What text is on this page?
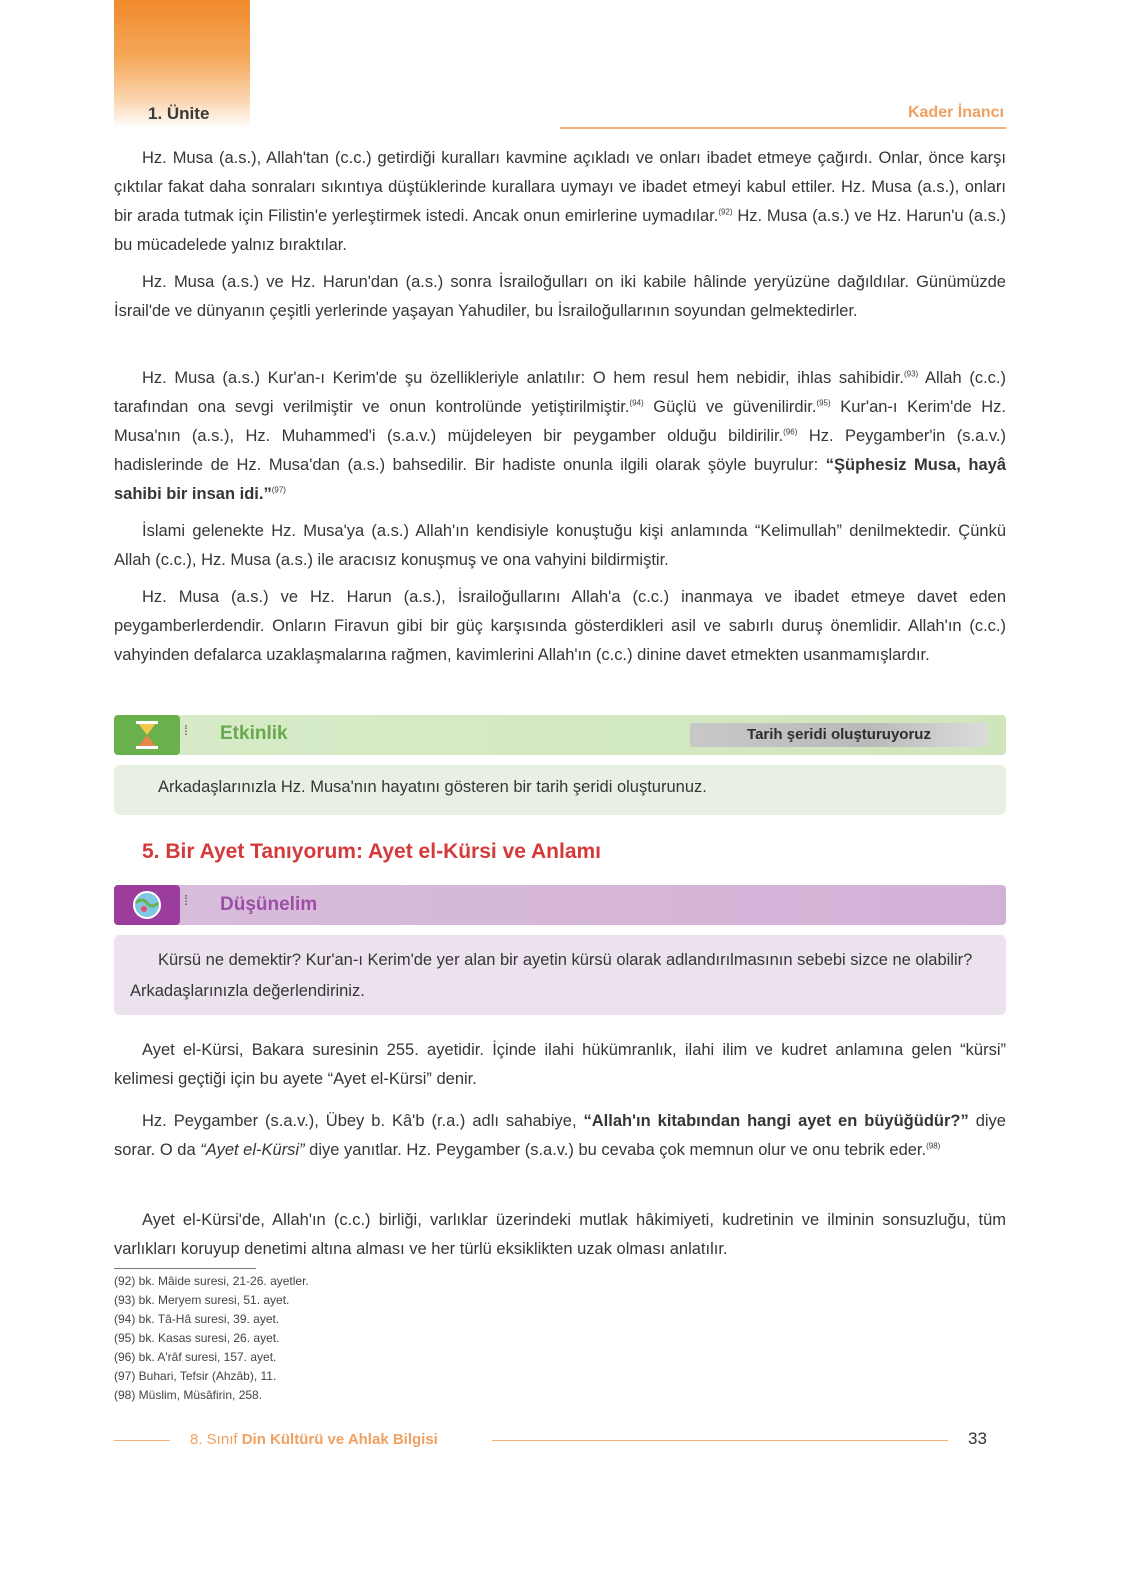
1. Ünite	Kader İnancı

Hz. Musa (a.s.), Allah'tan (c.c.) getirdiği kuralları kavmine açıkladı ve onları ibadet etmeye çağırdı. Onlar, önce karşı çıktılar fakat daha sonraları sıkıntıya düştüklerinde kurallara uymayı ve ibadet etmeyi kabul ettiler. Hz. Musa (a.s.), onları bir arada tutmak için Filistin'e yerleştirmek istedi. Ancak onun emirlerine uymadılar.$^{(92)}$ Hz. Musa (a.s.) ve Hz. Harun'u (a.s.) bu mücadelede yalnız bıraktılar.

Hz. Musa (a.s.) ve Hz. Harun'dan (a.s.) sonra İsrailoğulları on iki kabile hâlinde yeryüzüne dağıldılar. Günümüzde İsrail'de ve dünyanın çeşitli yerlerinde yaşayan Yahudiler, bu İsrailoğullarının soyundan gelmektedirler.

Hz. Musa (a.s.) Kur'an-ı Kerim'de şu özellikleriyle anlatılır: O hem resul hem nebidir, ihlas sahibidir.$^{(93)}$ Allah (c.c.) tarafından ona sevgi verilmiştir ve onun kontrolünde yetiştirilmiştir.$^{(94)}$ Güçlü ve güvenilirdir.$^{(95)}$ Kur'an-ı Kerim'de Hz. Musa'nın (a.s.), Hz. Muhammed'i (s.a.v.) müjdeleyen bir peygamber olduğu bildirilir.$^{(96)}$ Hz. Peygamber'in (s.a.v.) hadislerinde de Hz. Musa'dan (a.s.) bahsedilir. Bir hadiste onunla ilgili olarak şöyle buyrulur: “Şüphesiz Musa, hayâ sahibi bir insan idi.”$^{(97)}$

İslami gelenekte Hz. Musa'ya (a.s.) Allah'ın kendisiyle konuştuğu kişi anlamında “Kelimullah” denilmektedir. Çünkü Allah (c.c.), Hz. Musa (a.s.) ile aracısız konuşmuş ve ona vahyini bildirmiştir.

Hz. Musa (a.s.) ve Hz. Harun (a.s.), İsrailoğullarını Allah'a (c.c.) inanmaya ve ibadet etmeye davet eden peygamberlerdendir. Onların Firavun gibi bir güç karşısında gösterdikleri asil ve sabırlı duruş önemlidir. Allah'ın (c.c.) vahyinden defalarca uzaklaşmalarına rağmen, kavimlerini Allah'ın (c.c.) dinine davet etmekten usanmamışlardır.

⁞ Etkinlik	Tarih şeridi oluşturuyoruz
Arkadaşlarınızla Hz. Musa'nın hayatını gösteren bir tarih şeridi oluşturunuz.
5. Bir Ayet Tanıyorum: Ayet el-Kürsi ve Anlamı
⁞ Düşünelim

Kürsü ne demektir? Kur'an-ı Kerim'de yer alan bir ayetin kürsü olarak adlandırılmasının sebebi sizce ne olabilir? Arkadaşlarınızla değerlendiriniz.

Ayet el-Kürsi, Bakara suresinin 255. ayetidir. İçinde ilahi hükümranlık, ilahi ilim ve kudret anlamına gelen “kürsi” kelimesi geçtiği için bu ayete “Ayet el-Kürsi” denir.

Hz. Peygamber (s.a.v.), Übey b. Kâ'b (r.a.) adlı sahabiye, “Allah'ın kitabından hangi ayet en büyüğüdür?” diye sorar. O da “Ayet el-Kürsi” diye yanıtlar. Hz. Peygamber (s.a.v.) bu cevaba çok memnun olur ve onu tebrik eder.$^{(98)}$

Ayet el-Kürsi'de, Allah'ın (c.c.) birliği, varlıklar üzerindeki mutlak hâkimiyeti, kudretinin ve ilminin sonsuzluğu, tüm varlıkları koruyup denetimi altına alması ve her türlü eksiklikten uzak olması anlatılır.

(92) bk. Mâide suresi, 21-26. ayetler.
(93) bk. Meryem suresi, 51. ayet.
(94) bk. Tâ-Hâ suresi, 39. ayet.
(95) bk. Kasas suresi, 26. ayet.
(96) bk. A'râf suresi, 157. ayet.
(97) Buhari, Tefsir (Ahzâb), 11.
(98) Müslim, Müsâfirin, 258.
8. Sınıf Din Kültürü ve Ahlak Bilgisi	33
